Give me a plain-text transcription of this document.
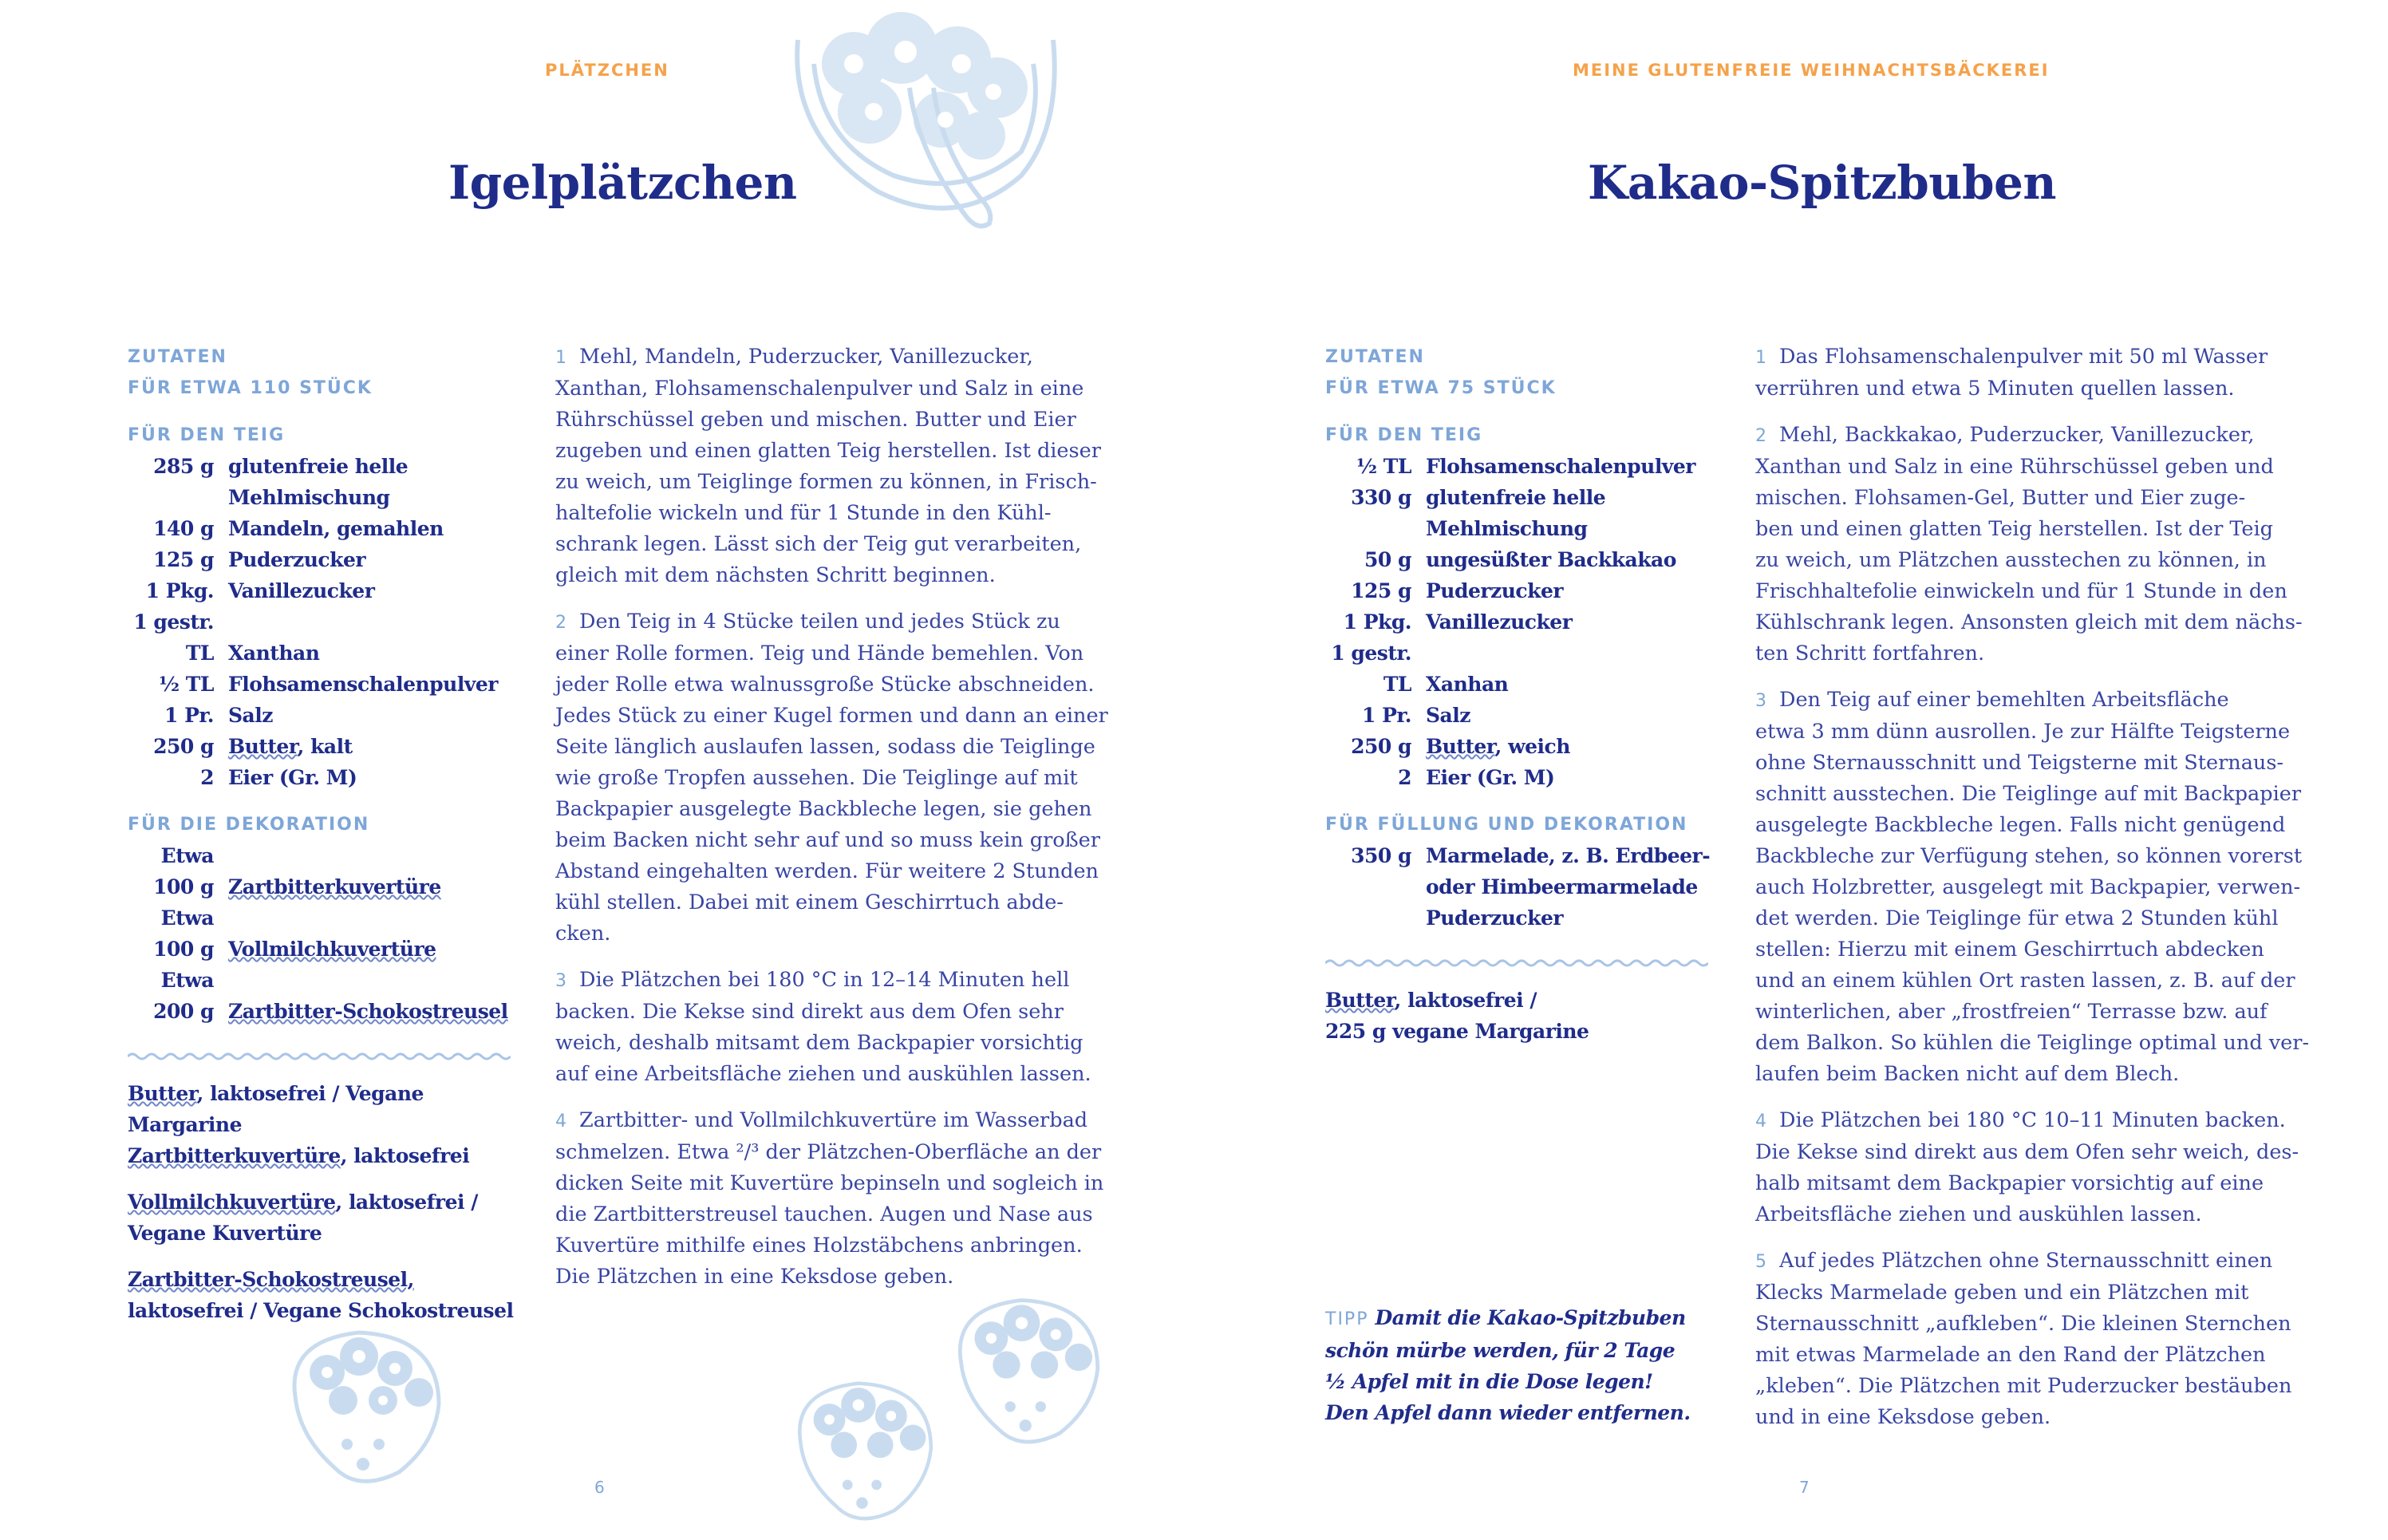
PLÄTZCHEN
Igelplätzchen
ZUTATEN
FÜR ETWA 110 STÜCK
FÜR DEN TEIG
285 g glutenfreie helle Mehlmischung
140 g Mandeln, gemahlen
125 g Puderzucker
1 Pkg. Vanillezucker
1 gestr.
TL Xanthan
½ TL Flohsamenschalenpulver
1 Pr. Salz
250 g Butter, kalt
2 Eier (Gr. M)
FÜR DIE DEKORATION
Etwa
100 g Zartbitterkuvertüre
Etwa
100 g Vollmilchkuvertüre
Etwa
200 g Zartbitter-Schokostreusel
Butter, laktosefrei / Vegane Margarine
Zartbitterkuvertüre, laktosefrei
Vollmilchkuvertüre, laktosefrei / Vegane Kuvertüre
Zartbitter-Schokostreusel, laktosefrei / Vegane Schokostreusel
1 Mehl, Mandeln, Puderzucker, Vanillezucker,
Xanthan, Flohsamenschalenpulver und Salz in eine
Rührschüssel geben und mischen. Butter und Eier
zugeben und einen glatten Teig herstellen. Ist dieser
zu weich, um Teiglinge formen zu können, in Frisch-
haltefolie wickeln und für 1 Stunde in den Kühl-
schrank legen. Lässt sich der Teig gut verarbeiten,
gleich mit dem nächsten Schritt beginnen.
2 Den Teig in 4 Stücke teilen und jedes Stück zu
einer Rolle formen. Teig und Hände bemehlen. Von
jeder Rolle etwa walnussgroße Stücke abschneiden.
Jedes Stück zu einer Kugel formen und dann an einer
Seite länglich auslaufen lassen, sodass die Teiglinge
wie große Tropfen aussehen. Die Teiglinge auf mit
Backpapier ausgelegte Backbleche legen, sie gehen
beim Backen nicht sehr auf und so muss kein großer
Abstand eingehalten werden. Für weitere 2 Stunden
kühl stellen. Dabei mit einem Geschirrtuch abde-
cken.
3 Die Plätzchen bei 180 °C in 12–14 Minuten hell
backen. Die Kekse sind direkt aus dem Ofen sehr
weich, deshalb mitsamt dem Backpapier vorsichtig
auf eine Arbeitsfläche ziehen und auskühlen lassen.
4 Zartbitter- und Vollmilchkuvertüre im Wasserbad
schmelzen. Etwa ²/³ der Plätzchen-Oberfläche an der
dicken Seite mit Kuvertüre bepinseln und sogleich in
die Zartbitterstreusel tauchen. Augen und Nase aus
Kuvertüre mithilfe eines Holzstäbchens anbringen.
Die Plätzchen in eine Keksdose geben.
6
MEINE GLUTENFREIE WEIHNACHTSBÄCKEREI
Kakao-Spitzbuben
ZUTATEN
FÜR ETWA 75 STÜCK
FÜR DEN TEIG
½ TL Flohsamenschalenpulver
330 g glutenfreie helle Mehlmischung
50 g ungesüßter Backkakao
125 g Puderzucker
1 Pkg. Vanillezucker
1 gestr.
TL Xanhan
1 Pr. Salz
250 g Butter, weich
2 Eier (Gr. M)
FÜR FÜLLUNG UND DEKORATION
350 g Marmelade, z. B. Erdbeer- oder Himbeermarmelade
Puderzucker
Butter, laktosefrei /
225 g vegane Margarine
TIPP Damit die Kakao-Spitzbuben schön mürbe werden, für 2 Tage ½ Apfel mit in die Dose legen! Den Apfel dann wieder entfernen.
1 Das Flohsamenschalenpulver mit 50 ml Wasser
verrühren und etwa 5 Minuten quellen lassen.
2 Mehl, Backkakao, Puderzucker, Vanillezucker,
Xanthan und Salz in eine Rührschüssel geben und
mischen. Flohsamen-Gel, Butter und Eier zuge-
ben und einen glatten Teig herstellen. Ist der Teig
zu weich, um Plätzchen ausstechen zu können, in
Frischhaltefolie einwickeln und für 1 Stunde in den
Kühlschrank legen. Ansonsten gleich mit dem nächs-
ten Schritt fortfahren.
3 Den Teig auf einer bemehlten Arbeitsfläche
etwa 3 mm dünn ausrollen. Je zur Hälfte Teigsterne
ohne Sternausschnitt und Teigsterne mit Sternaus-
schnitt ausstechen. Die Teiglinge auf mit Backpapier
ausgelegte Backbleche legen. Falls nicht genügend
Backbleche zur Verfügung stehen, so können vorerst
auch Holzbretter, ausgelegt mit Backpapier, verwen-
det werden. Die Teiglinge für etwa 2 Stunden kühl
stellen: Hierzu mit einem Geschirrtuch abdecken
und an einem kühlen Ort rasten lassen, z. B. auf der
winterlichen, aber „frostfreien“ Terrasse bzw. auf
dem Balkon. So kühlen die Teiglinge optimal und ver-
laufen beim Backen nicht auf dem Blech.
4 Die Plätzchen bei 180 °C 10–11 Minuten backen.
Die Kekse sind direkt aus dem Ofen sehr weich, des-
halb mitsamt dem Backpapier vorsichtig auf eine
Arbeitsfläche ziehen und auskühlen lassen.
5 Auf jedes Plätzchen ohne Sternausschnitt einen
Klecks Marmelade geben und ein Plätzchen mit
Sternausschnitt „aufkleben“. Die kleinen Sternchen
mit etwas Marmelade an den Rand der Plätzchen
„kleben“. Die Plätzchen mit Puderzucker bestäuben
und in eine Keksdose geben.
7
